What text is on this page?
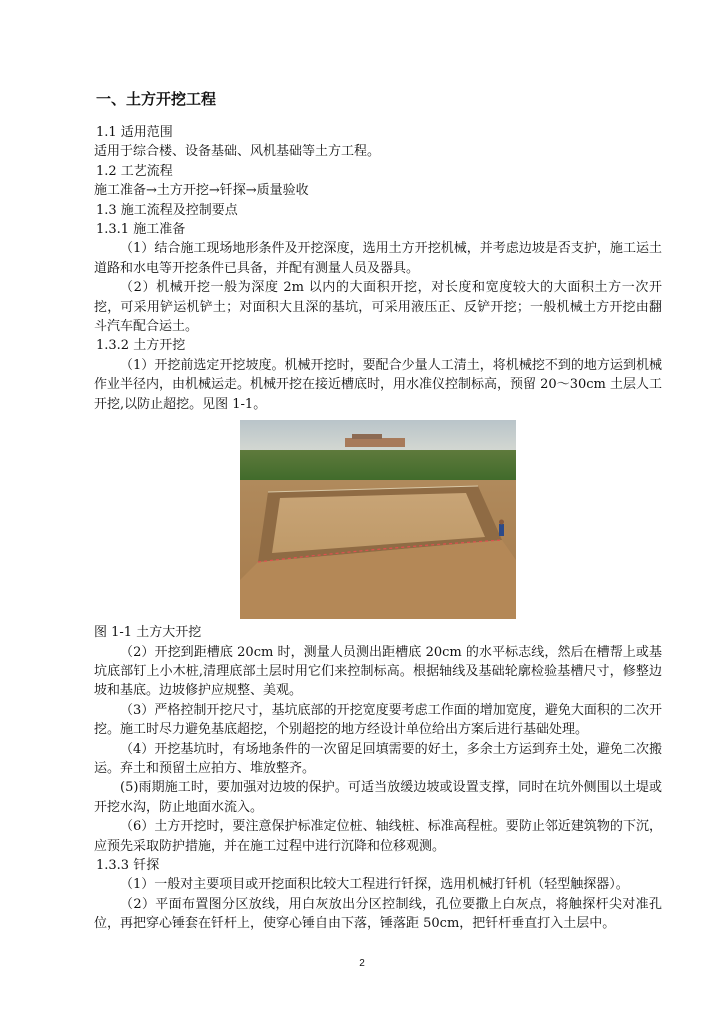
一、土方开挖工程

1.1 适用范围

适用于综合楼、设备基础、风机基础等土方工程。

1.2 工艺流程

施工准备→土方开挖→钎探→质量验收

1.3 施工流程及控制要点

1.3.1 施工准备

（1）结合施工现场地形条件及开挖深度，选用土方开挖机械，并考虑边坡是否支护，施工运土道路和水电等开挖条件已具备，并配有测量人员及器具。

（2）机械开挖一般为深度 2m 以内的大面积开挖，对长度和宽度较大的大面积土方一次开挖，可采用铲运机铲土；对面积大且深的基坑，可采用液压正、反铲开挖；一般机械土方开挖由翻斗汽车配合运土。

1.3.2 土方开挖

（1）开挖前选定开挖坡度。机械开挖时，要配合少量人工清土，将机械挖不到的地方运到机械作业半径内，由机械运走。机械开挖在接近槽底时，用水准仪控制标高，预留 20～30cm 土层人工开挖,以防止超挖。见图 1-1。

图 1-1 土方大开挖

（2）开挖到距槽底 20cm 时，测量人员测出距槽底 20cm 的水平标志线，然后在槽帮上或基坑底部钉上小木桩,清理底部土层时用它们来控制标高。根据轴线及基础轮廓检验基槽尺寸，修整边坡和基底。边坡修护应规整、美观。

（3）严格控制开挖尺寸，基坑底部的开挖宽度要考虑工作面的增加宽度，避免大面积的二次开挖。施工时尽力避免基底超挖，个别超挖的地方经设计单位给出方案后进行基础处理。

（4）开挖基坑时，有场地条件的一次留足回填需要的好土，多余土方运到弃土处，避免二次搬运。弃土和预留土应拍方、堆放整齐。

(5)雨期施工时，要加强对边坡的保护。可适当放缓边坡或设置支撑，同时在坑外侧围以土堤或开挖水沟，防止地面水流入。

（6）土方开挖时，要注意保护标准定位桩、轴线桩、标准高程桩。要防止邻近建筑物的下沉，应预先采取防护措施，并在施工过程中进行沉降和位移观测。

1.3.3 钎探

（1）一般对主要项目或开挖面积比较大工程进行钎探，选用机械打钎机（轻型触探器）。

（2）平面布置图分区放线，用白灰放出分区控制线，孔位要撒上白灰点，将触探杆尖对准孔位，再把穿心锤套在钎杆上，使穿心锤自由下落，锤落距 50cm，把钎杆垂直打入土层中。

2
